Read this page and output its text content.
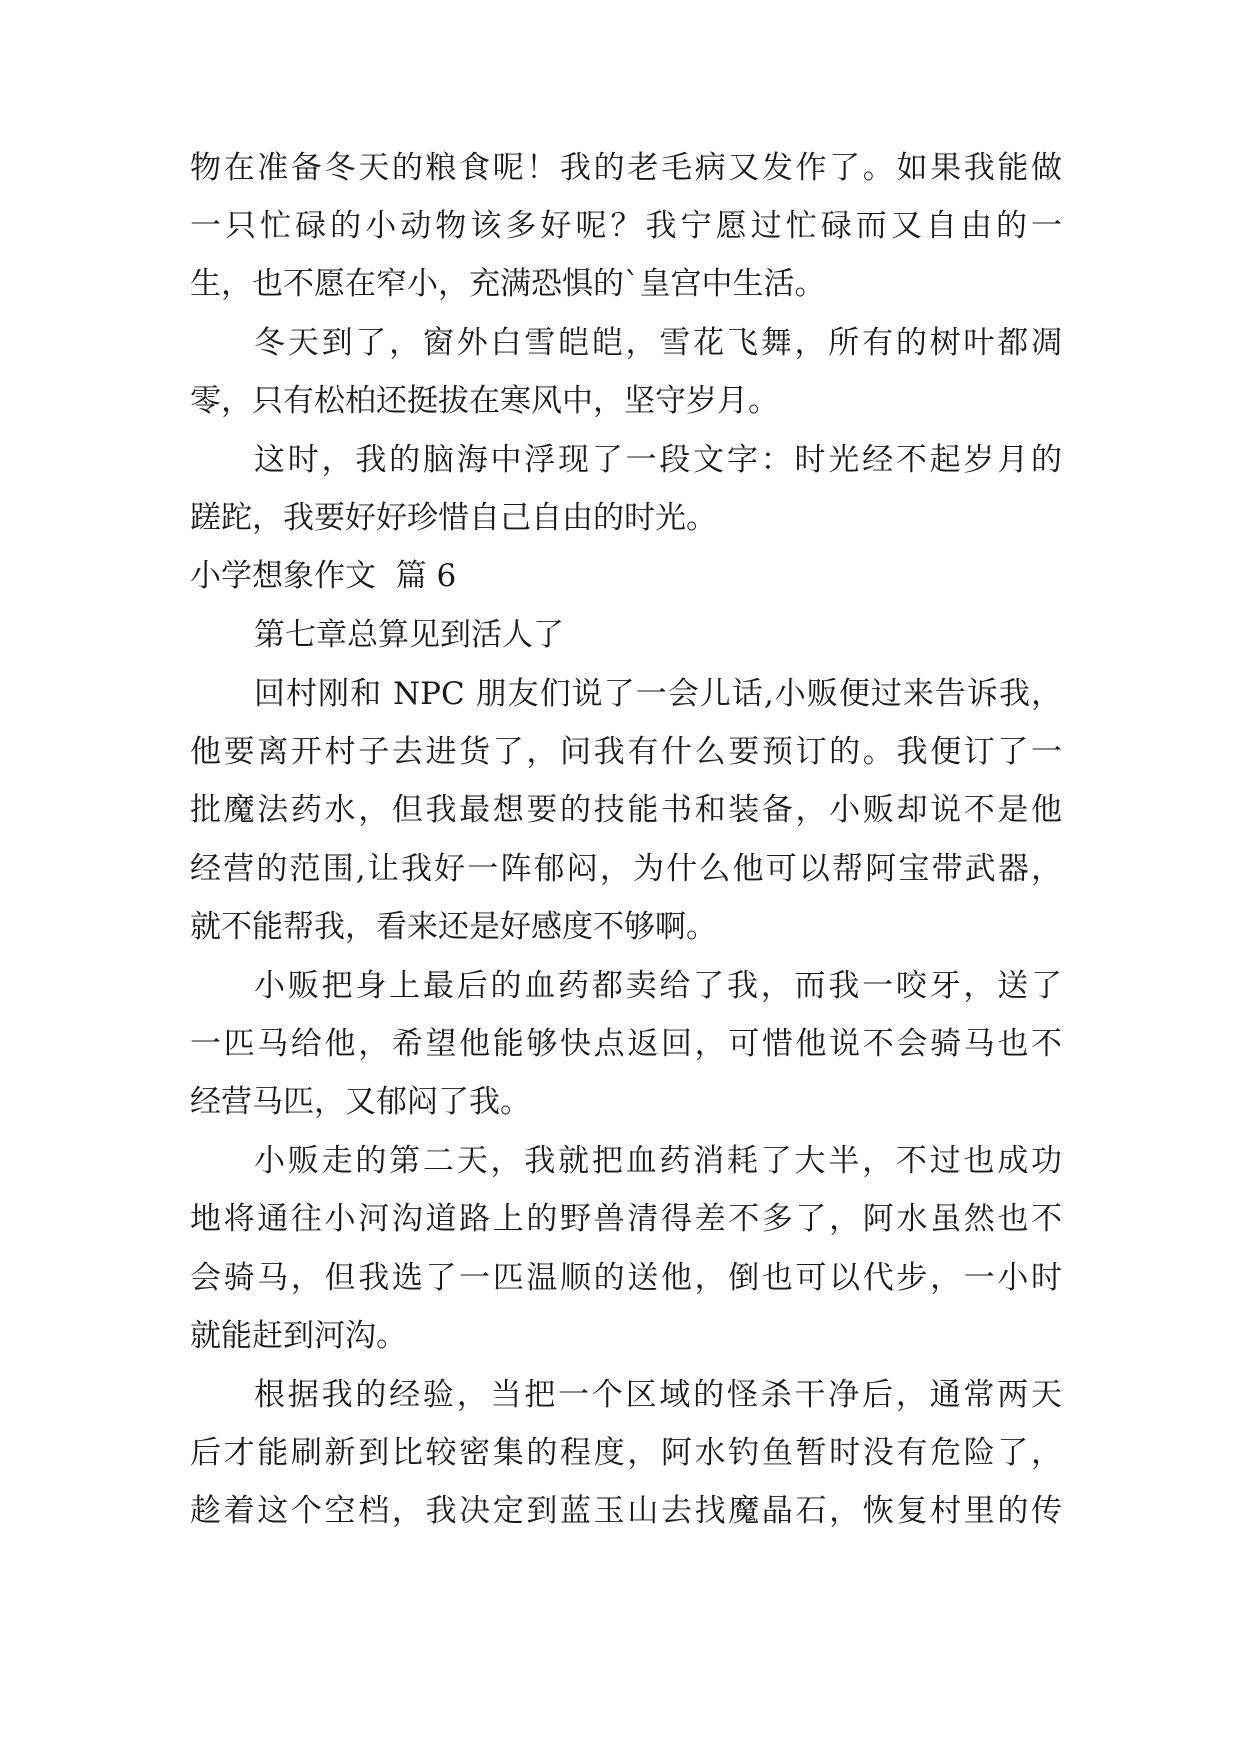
物在准备冬天的粮食呢！我的老毛病又发作了。如果我能做
一只忙碌的小动物该多好呢？我宁愿过忙碌而又自由的一
生，也不愿在窄小，充满恐惧的`皇宫中生活。
冬天到了，窗外白雪皑皑，雪花飞舞，所有的树叶都凋
零，只有松柏还挺拔在寒风中，坚守岁月。
这时，我的脑海中浮现了一段文字：时光经不起岁月的
蹉跎，我要好好珍惜自己自由的时光。
小学想象作文  篇 6
第七章总算见到活人了
回村刚和 NPC 朋友们说了一会儿话,小贩便过来告诉我，
他要离开村子去进货了，问我有什么要预订的。我便订了一
批魔法药水，但我最想要的技能书和装备，小贩却说不是他
经营的范围,让我好一阵郁闷，为什么他可以帮阿宝带武器，
就不能帮我，看来还是好感度不够啊。
小贩把身上最后的血药都卖给了我，而我一咬牙，送了
一匹马给他，希望他能够快点返回，可惜他说不会骑马也不
经营马匹，又郁闷了我。
小贩走的第二天，我就把血药消耗了大半，不过也成功
地将通往小河沟道路上的野兽清得差不多了，阿水虽然也不
会骑马，但我选了一匹温顺的送他，倒也可以代步，一小时
就能赶到河沟。
根据我的经验，当把一个区域的怪杀干净后，通常两天
后才能刷新到比较密集的程度，阿水钓鱼暂时没有危险了，
趁着这个空档，我决定到蓝玉山去找魔晶石，恢复村里的传
